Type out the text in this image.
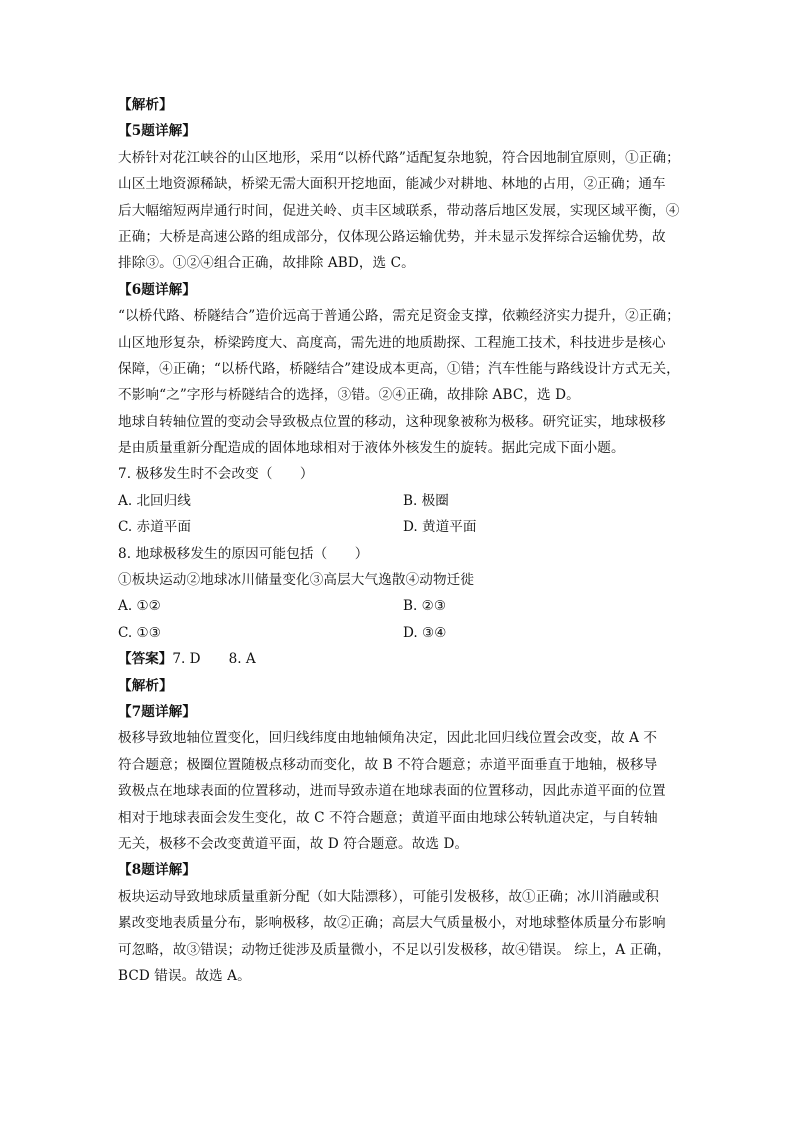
【解析】
【5题详解】
大桥针对花江峡谷的山区地形，采用“以桥代路”适配复杂地貌，符合因地制宜原则，①正确；
山区土地资源稀缺，桥梁无需大面积开挖地面，能减少对耕地、林地的占用，②正确；通车
后大幅缩短两岸通行时间，促进关岭、贞丰区域联系，带动落后地区发展，实现区域平衡，④
正确；大桥是高速公路的组成部分，仅体现公路运输优势，并未显示发挥综合运输优势，故
排除③。①②④组合正确，故排除 ABD，选 C。
【6题详解】
“以桥代路、桥隧结合”造价远高于普通公路，需充足资金支撑，依赖经济实力提升，②正确；
山区地形复杂，桥梁跨度大、高度高，需先进的地质勘探、工程施工技术，科技进步是核心
保障，④正确；“以桥代路，桥隧结合”建设成本更高，①错；汽车性能与路线设计方式无关，
不影响“之”字形与桥隧结合的选择，③错。②④正确，故排除 ABC，选 D。
地球自转轴位置的变动会导致极点位置的移动，这种现象被称为极移。研究证实，地球极移
是由质量重新分配造成的固体地球相对于液体外核发生的旋转。据此完成下面小题。
7. 极移发生时不会改变（　　）
A. 北回归线	B. 极圈
C. 赤道平面	D. 黄道平面
8. 地球极移发生的原因可能包括（　　）
①板块运动②地球冰川储量变化③高层大气逸散④动物迁徙
A. ①②	B. ②③
C. ①③	D. ③④
【答案】7. D 8. A
【解析】
【7题详解】
极移导致地轴位置变化，回归线纬度由地轴倾角决定，因此北回归线位置会改变，故 A 不
符合题意；极圈位置随极点移动而变化，故 B 不符合题意；赤道平面垂直于地轴，极移导
致极点在地球表面的位置移动，进而导致赤道在地球表面的位置移动，因此赤道平面的位置
相对于地球表面会发生变化，故 C 不符合题意；黄道平面由地球公转轨道决定，与自转轴
无关，极移不会改变黄道平面，故 D 符合题意。故选 D。
【8题详解】
板块运动导致地球质量重新分配（如大陆漂移），可能引发极移，故①正确；冰川消融或积
累改变地表质量分布，影响极移，故②正确；高层大气质量极小，对地球整体质量分布影响
可忽略，故③错误；动物迁徙涉及质量微小，不足以引发极移，故④错误。 综上，A 正确，
BCD 错误。故选 A。
